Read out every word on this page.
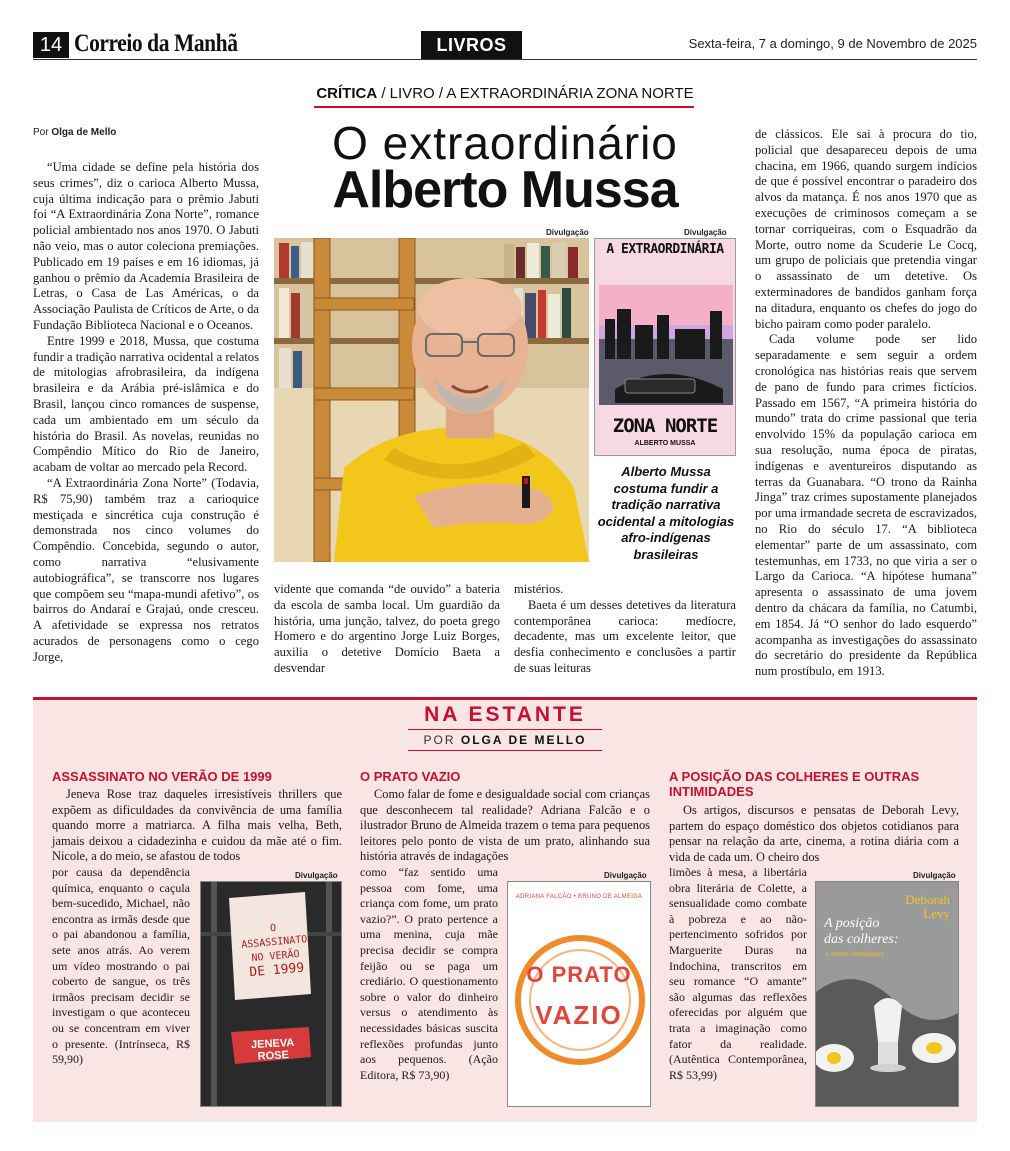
14 Correio da Manhã	LIVROS	Sexta-feira, 7 a domingo, 9 de Novembro de 2025
CRÍTICA / LIVRO / A EXTRAORDINÁRIA ZONA NORTE
Por Olga de Mello	O extraordinário
Alberto Mussa

“Uma cidade se define pela história dos seus crimes”, diz o carioca Alberto Mussa, cuja última indicação para o prêmio Jabuti foi “A Extraordinária Zona Norte”, romance policial ambientado nos anos 1970. O Jabuti não veio, mas o autor coleciona premiações. Publicado em 19 países e em 16 idiomas, já ganhou o prêmio da Academia Brasileira de Letras, o Casa de Las Américas, o da Associação Paulista de Críticos de Arte, o da Fundação Biblioteca Nacional e o Oceanos.

Entre 1999 e 2018, Mussa, que costuma fundir a tradição narrativa ocidental a relatos de mitologias afrobrasileira, da indígena brasileira e da Arábia pré-islâmica e do Brasil, lançou cinco romances de suspense, cada um ambientado em um século da história do Brasil. As novelas, reunidas no Compêndio Mítico do Rio de Janeiro, acabam de voltar ao mercado pela Record.

“A Extraordinária Zona Norte” (Todavia, R$ 75,90) também traz a carioquice mestiçada e sincrética cuja construção é demonstrada nos cinco volumes do Compêndio. Concebida, segundo o autor, como narrativa “elusivamente autobiográfica”, se transcorre nos lugares que compõem seu “mapa-mundi afetivo”, os bairros do Andaraí e Grajaú, onde cresceu. A afetividade se expressa nos retratos acurados de personagens como o cego Jorge,

Divulgação	Divulgação
A EXTRAORDINÁRIA
ZONA NORTE
ALBERTO MUSSA
Alberto Mussa costuma fundir a tradição narrativa ocidental a mitologias afro-indígenas brasileiras

vidente que comanda “de ouvido” a bateria da escola de samba local. Um guardião da história, uma junção, talvez, do poeta grego Homero e do argentino Jorge Luiz Borges, auxilia o detetive Domício Baeta a desvendar

mistérios.

Baeta é um desses detetives da literatura contemporânea carioca: medíocre, decadente, mas um excelente leitor, que desfia conhecimento e conclusões a partir de suas leituras

de clássicos. Ele sai à procura do tio, policial que desapareceu depois de uma chacina, em 1966, quando surgem indícios de que é possível encontrar o paradeiro dos alvos da matança. É nos anos 1970 que as execuções de criminosos começam a se tornar corriqueiras, com o Esquadrão da Morte, outro nome da Scuderie Le Cocq, um grupo de policiais que pretendia vingar o assassinato de um detetive. Os exterminadores de bandidos ganham força na ditadura, enquanto os chefes do jogo do bicho pairam como poder paralelo.

Cada volume pode ser lido separadamente e sem seguir a ordem cronológica nas histórias reais que servem de pano de fundo para crimes fictícios. Passado em 1567, “A primeira história do mundo” trata do crime passional que teria envolvido 15% da população carioca em sua resolução, numa época de piratas, indígenas e aventureiros disputando as terras da Guanabara. “O trono da Rainha Jinga” traz crimes supostamente planejados por uma irmandade secreta de escravizados, no Rio do século 17. “A biblioteca elementar” parte de um assassinato, com testemunhas, em 1733, no que viria a ser o Largo da Carioca. “A hipótese humana” apresenta o assassinato de uma jovem dentro da chácara da família, no Catumbi, em 1854. Já “O senhor do lado esquerdo” acompanha as investigações do assassinato do secretário do presidente da República num prostíbulo, em 1913.

NA ESTANTE
POR OLGA DE MELLO
ASSASSINATO NO VERÃO DE 1999

Jeneva Rose traz daqueles irresistíveis thrillers que expõem as dificuldades da convivência de uma família quando morre a matriarca. A filha mais velha, Beth, jamais deixou a cidadezinha e cuidou da mãe até o fim. Nicole, a do meio, se afastou de todos

por causa da dependência química, enquanto o caçula bem-sucedido, Michael, não encontra as irmãs desde que o pai abandonou a família, sete anos atrás. Ao verem um vídeo mostrando o pai coberto de sangue, os três irmãos precisam decidir se investigam o que aconteceu ou se concentram em viver o presente. (Intrínseca, R$ 59,90)

Divulgação
O ASSASSINATO
NO VERÃO
DE 1999
JENEVA ROSE
O PRATO VAZIO

Como falar de fome e desigualdade social com crianças que desconhecem tal realidade? Adriana Falcão e o ilustrador Bruno de Almeida trazem o tema para pequenos leitores pelo ponto de vista de um prato, alinhando sua história através de indagações

como “faz sentido uma pessoa com fome, uma criança com fome, um prato vazio?”. O prato pertence a uma menina, cuja mãe precisa decidir se compra feijão ou se paga um crediário. O questionamento sobre o valor do dinheiro versus o atendimento às necessidades básicas suscita reflexões profundas junto aos pequenos. (Ação Editora, R$ 73,90)

Divulgação
ADRIANA FALCÃO • BRUNO DE ALMEIDA
O PRATO
VAZIO
A POSIÇÃO DAS COLHERES E OUTRAS INTIMIDADES

Os artigos, discursos e pensatas de Deborah Levy, partem do espaço doméstico dos objetos cotidianos para pensar na relação da arte, cinema, a rotina diária com a vida de cada um. O cheiro dos

limões à mesa, a libertária obra literária de Colette, a sensualidade como combate à pobreza e ao não-pertencimento sofridos por Marguerite Duras na Indochina, transcritos em seu romance “O amante” são algumas das reflexões oferecidas por alguém que trata a imaginação como fator da realidade. (Autêntica Contemporânea, R$ 53,99)

Divulgação
Deborah
Levy
A posição
das colheres:
e outras intimidades
